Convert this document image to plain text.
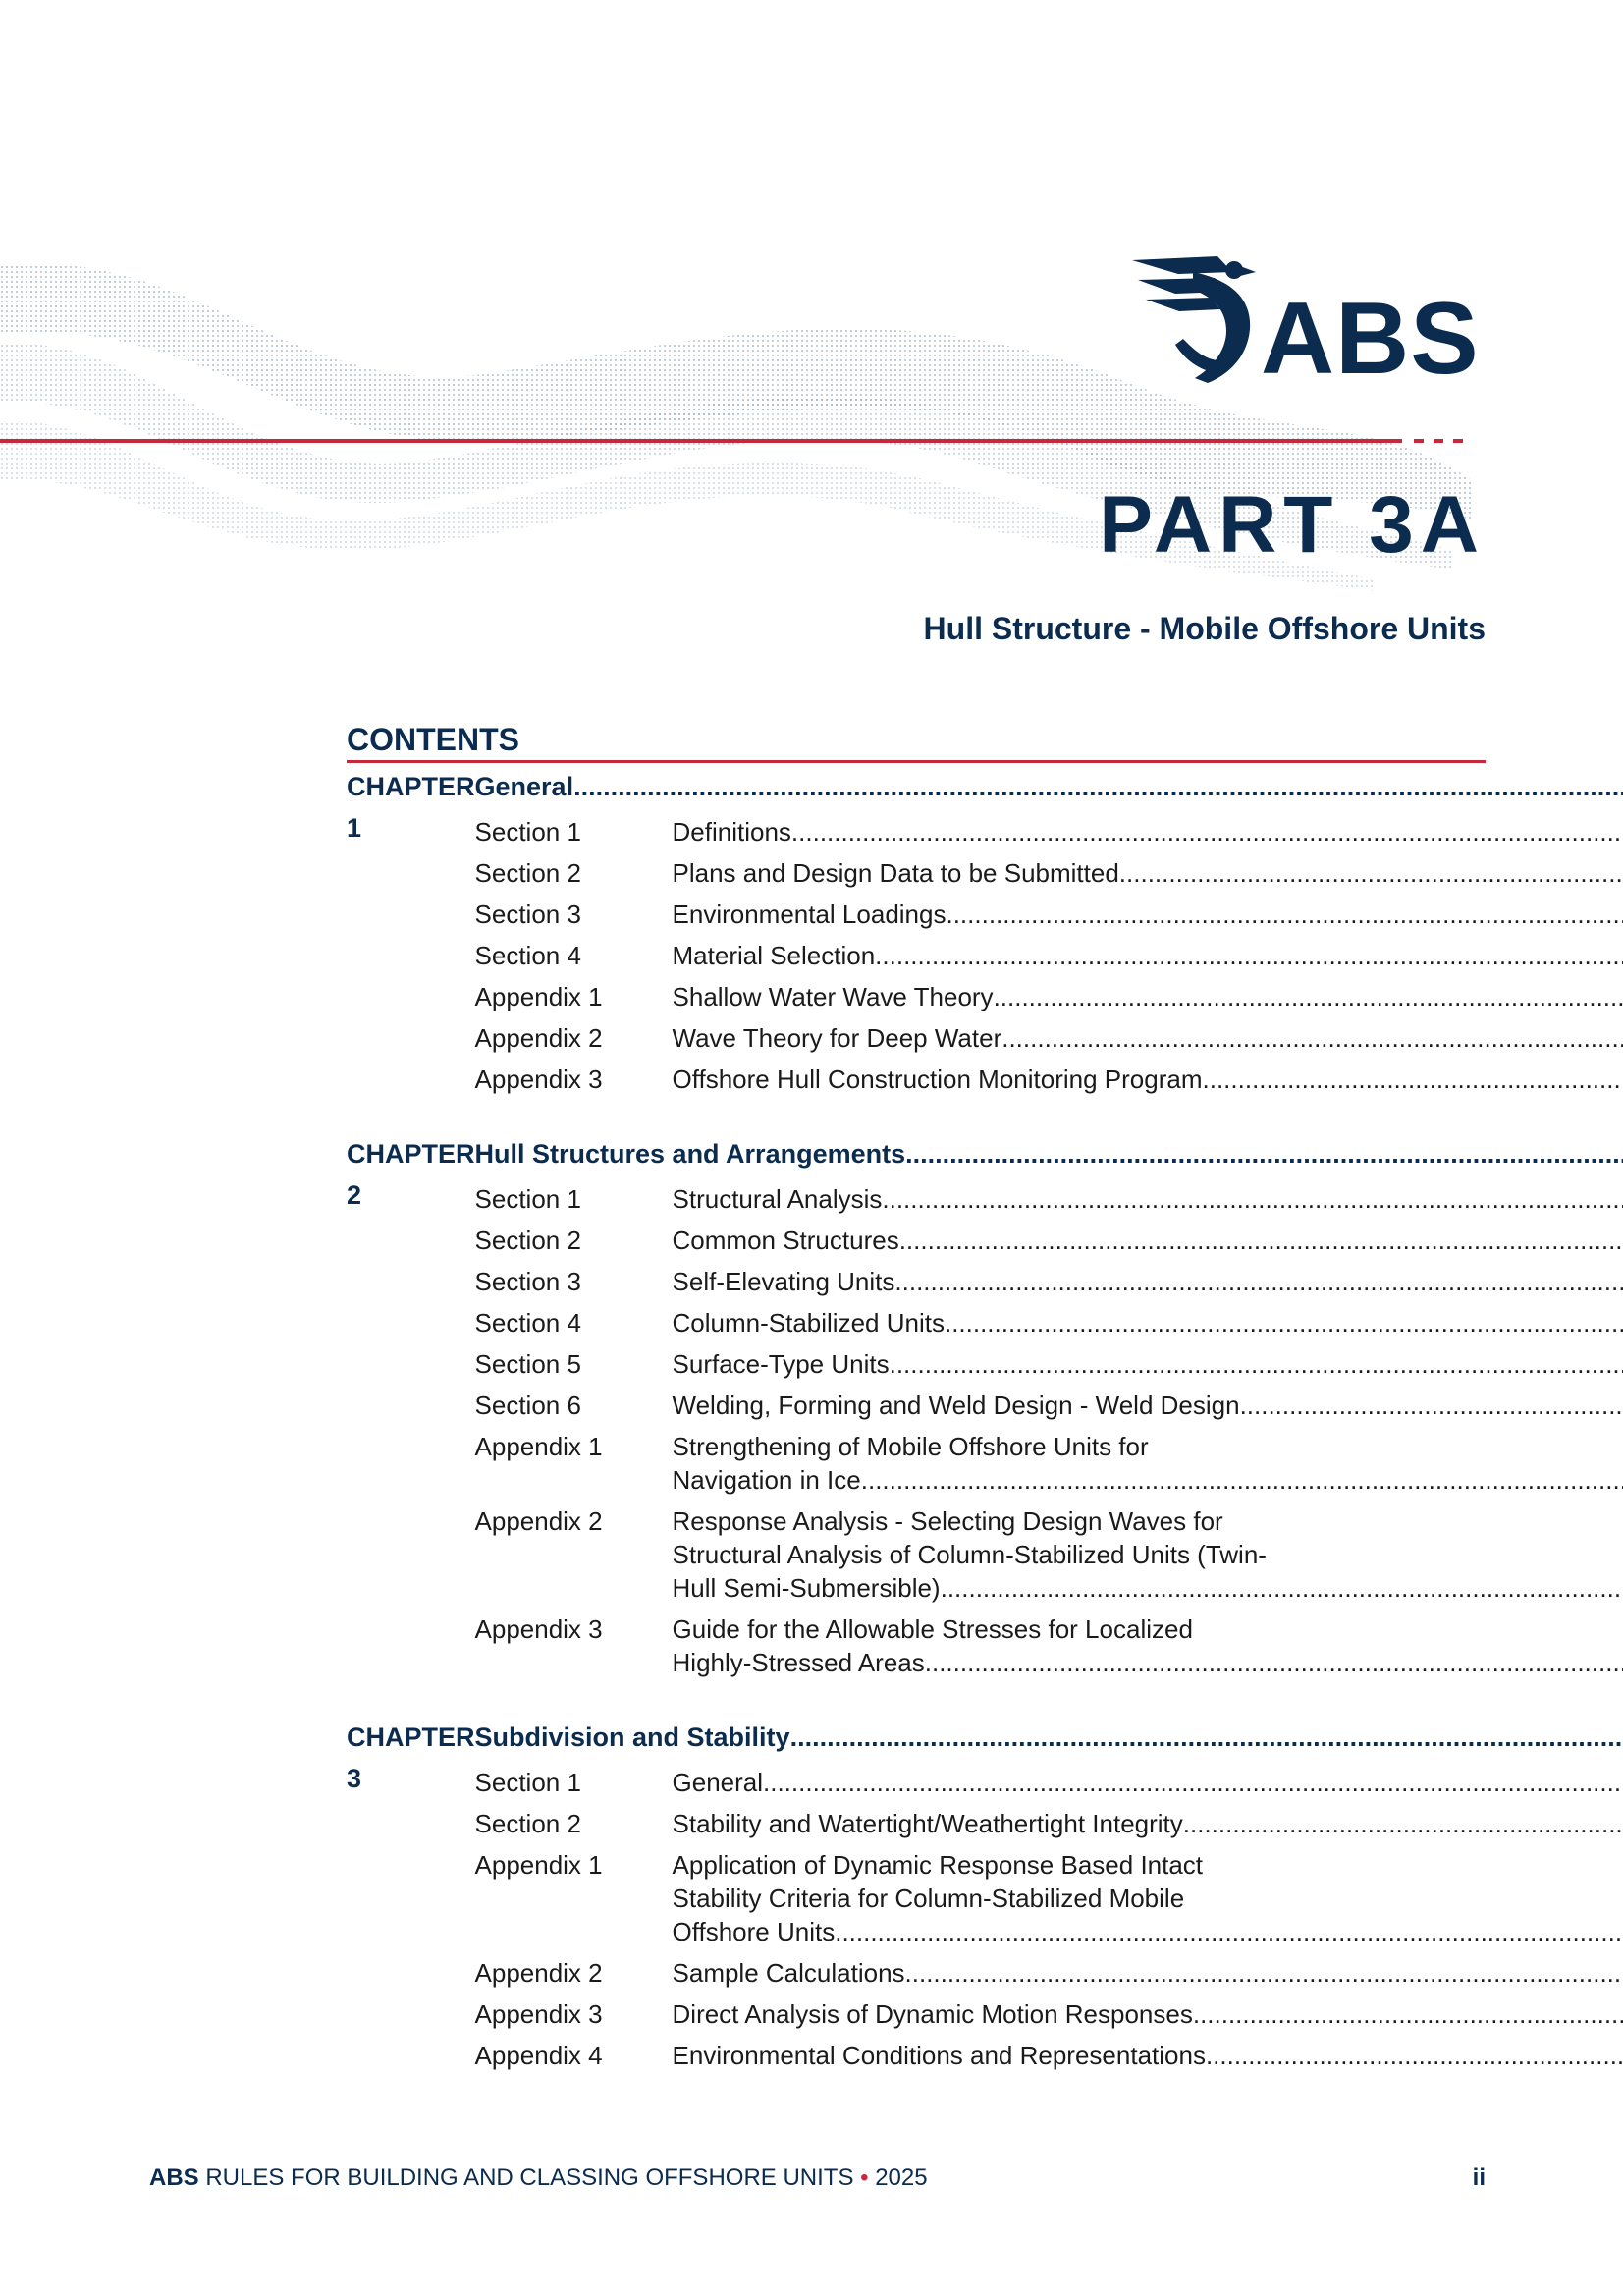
ABS
PART 3A
Hull Structure - Mobile Offshore Units
CONTENTS
CHAPTER 1
General
.....
Section 1	Definitions
.....
Section 2	Plans and Design Data to be Submitted
.....
Section 3	Environmental Loadings
.....
Section 4	Material Selection
.....
Appendix 1	Shallow Water Wave Theory
.....
Appendix 2	Wave Theory for Deep Water
.....
Appendix 3	Offshore Hull Construction Monitoring Program
.....
CHAPTER 2
Hull Structures and Arrangements
.....
Section 1	Structural Analysis
.....
Section 2	Common Structures
.....
Section 3	Self-Elevating Units
.....
Section 4	Column-Stabilized Units
.....
Section 5	Surface-Type Units
.....
Section 6	Welding, Forming and Weld Design - Weld Design
.....
Appendix 1	Strengthening of Mobile Offshore Units for
Navigation in Ice
.....
Appendix 2	Response Analysis - Selecting Design Waves for
Structural Analysis of Column-Stabilized Units (Twin-
Hull Semi-Submersible)
.....
Appendix 3	Guide for the Allowable Stresses for Localized
Highly-Stressed Areas
.....
CHAPTER 3
Subdivision and Stability
.....
Section 1	General
.....
Section 2	Stability and Watertight/Weathertight Integrity
.....
Appendix 1	Application of Dynamic Response Based Intact
Stability Criteria for Column-Stabilized Mobile
Offshore Units
.....
Appendix 2	Sample Calculations
.....
Appendix 3	Direct Analysis of Dynamic Motion Responses
.....
Appendix 4	Environmental Conditions and Representations
.....
ABS RULES FOR BUILDING AND CLASSING OFFSHORE UNITS • 2025	ii
